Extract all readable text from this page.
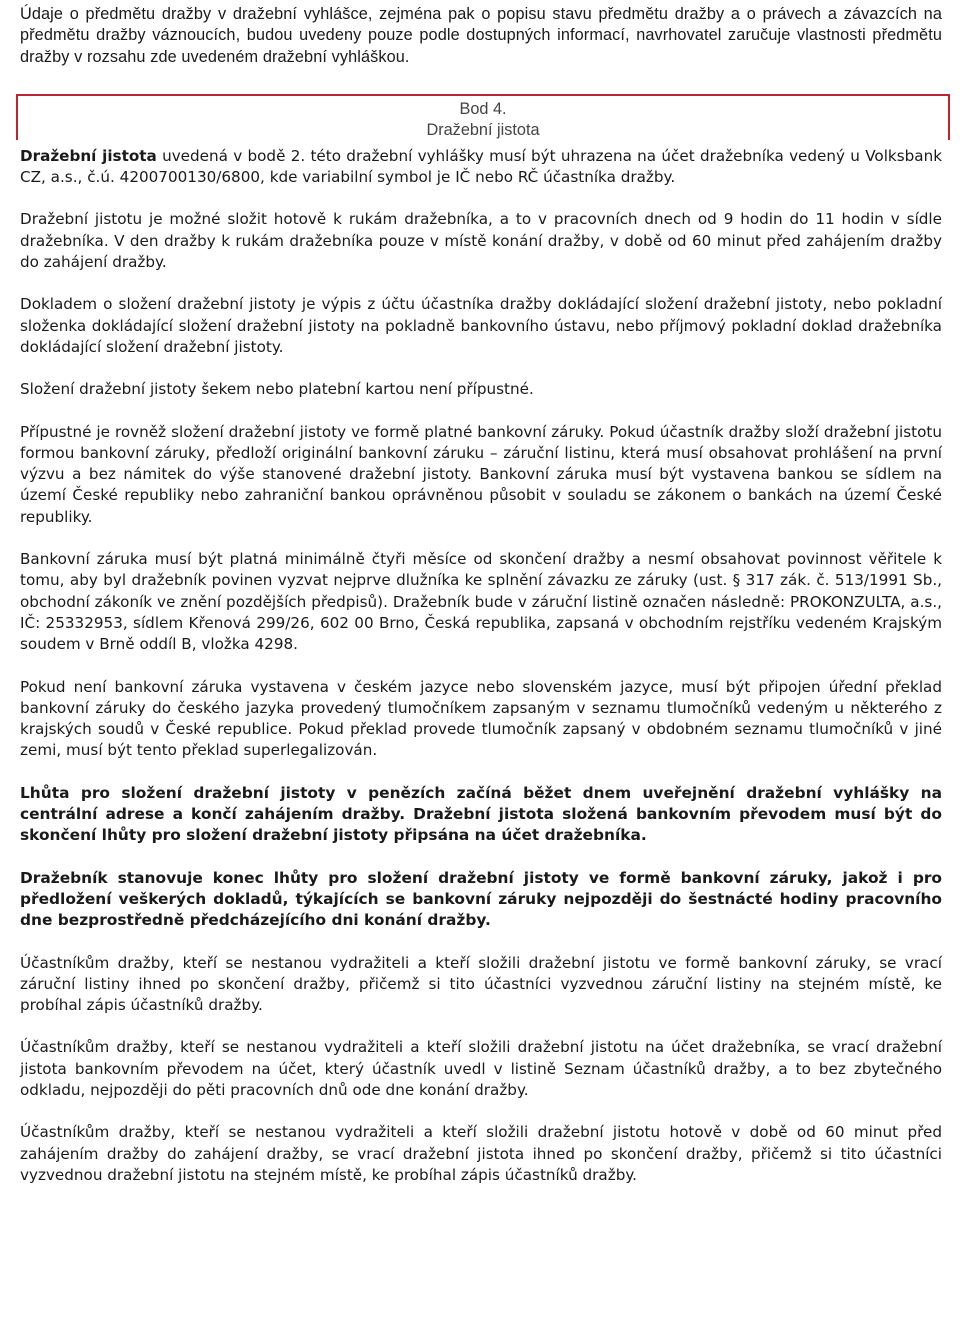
Údaje o předmětu dražby v dražební vyhlášce, zejména pak o popisu stavu předmětu dražby a o právech a závazcích na předmětu dražby váznoucích, budou uvedeny pouze podle dostupných informací, navrhovatel zaručuje vlastnosti předmětu dražby v rozsahu zde uvedeném dražební vyhláškou.

Bod 4.
Dražební jistota

Dražební jistota uvedená v bodě 2. této dražební vyhlášky musí být uhrazena na účet dražebníka vedený u Volksbank CZ, a.s., č.ú. 4200700130/6800, kde variabilní symbol je IČ nebo RČ účastníka dražby.

Dražební jistotu je možné složit hotově k rukám dražebníka, a to v pracovních dnech od 9 hodin do 11 hodin v sídle dražebníka. V den dražby k rukám dražebníka pouze v místě konání dražby, v době od 60 minut před zahájením dražby do zahájení dražby.

Dokladem o složení dražební jistoty je výpis z účtu účastníka dražby dokládající složení dražební jistoty, nebo pokladní složenka dokládající složení dražební jistoty na pokladně bankovního ústavu, nebo příjmový pokladní doklad dražebníka dokládající složení dražební jistoty.

Složení dražební jistoty šekem nebo platební kartou není přípustné.

Přípustné je rovněž složení dražební jistoty ve formě platné bankovní záruky. Pokud účastník dražby složí dražební jistotu formou bankovní záruky, předloží originální bankovní záruku – záruční listinu, která musí obsahovat prohlášení na první výzvu a bez námitek do výše stanovené dražební jistoty. Bankovní záruka musí být vystavena bankou se sídlem na území České republiky nebo zahraniční bankou oprávněnou působit v souladu se zákonem o bankách na území České republiky.

Bankovní záruka musí být platná minimálně čtyři měsíce od skončení dražby a nesmí obsahovat povinnost věřitele k tomu, aby byl dražebník povinen vyzvat nejprve dlužníka ke splnění závazku ze záruky (ust. § 317 zák. č. 513/1991 Sb., obchodní zákoník ve znění pozdějších předpisů). Dražebník bude v záruční listině označen následně: PROKONZULTA, a.s., IČ: 25332953, sídlem Křenová 299/26, 602 00 Brno, Česká republika, zapsaná v obchodním rejstříku vedeném Krajským soudem v Brně oddíl B, vložka 4298.

Pokud není bankovní záruka vystavena v českém jazyce nebo slovenském jazyce, musí být připojen úřední překlad bankovní záruky do českého jazyka provedený tlumočníkem zapsaným v seznamu tlumočníků vedeným u některého z krajských soudů v České republice. Pokud překlad provede tlumočník zapsaný v obdobném seznamu tlumočníků v jiné zemi, musí být tento překlad superlegalizován.

Lhůta pro složení dražební jistoty v penězích začíná běžet dnem uveřejnění dražební vyhlášky na centrální adrese a končí zahájením dražby. Dražební jistota složená bankovním převodem musí být do skončení lhůty pro složení dražební jistoty připsána na účet dražebníka.

Dražebník stanovuje konec lhůty pro složení dražební jistoty ve formě bankovní záruky, jakož i pro předložení veškerých dokladů, týkajících se bankovní záruky nejpozději do šestnácté hodiny pracovního dne bezprostředně předcházejícího dni konání dražby.

Účastníkům dražby, kteří se nestanou vydražiteli a kteří složili dražební jistotu ve formě bankovní záruky, se vrací záruční listiny ihned po skončení dražby, přičemž si tito účastníci vyzvednou záruční listiny na stejném místě, ke probíhal zápis účastníků dražby.

Účastníkům dražby, kteří se nestanou vydražiteli a kteří složili dražební jistotu na účet dražebníka, se vrací dražební jistota bankovním převodem na účet, který účastník uvedl v listině Seznam účastníků dražby, a to bez zbytečného odkladu, nejpozději do pěti pracovních dnů ode dne konání dražby.

Účastníkům dražby, kteří se nestanou vydražiteli a kteří složili dražební jistotu hotově v době od 60 minut před zahájením dražby do zahájení dražby, se vrací dražební jistota ihned po skončení dražby, přičemž si tito účastníci vyzvednou dražební jistotu na stejném místě, ke probíhal zápis účastníků dražby.
